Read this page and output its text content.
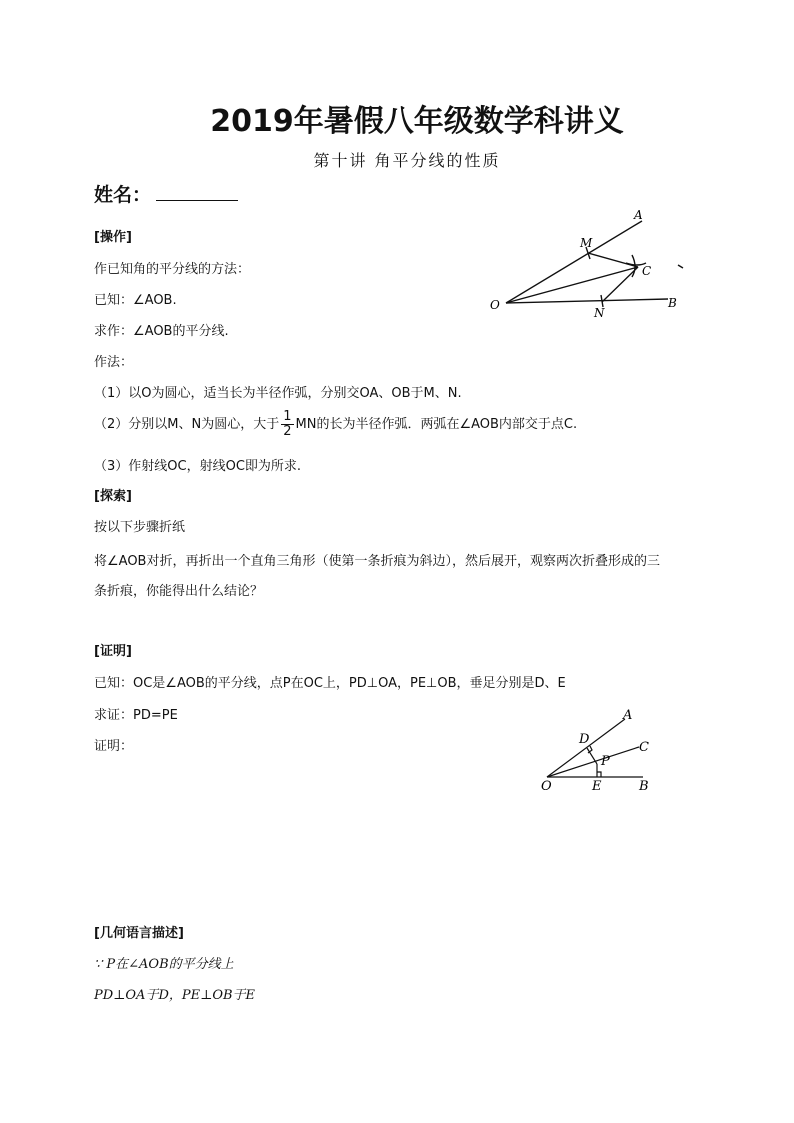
2019年暑假八年级数学科讲义
第十讲 角平分线的性质
姓名：
[操作]
作已知角的平分线的方法：
已知：∠AOB.
求作：∠AOB的平分线.
作法：
（1）以O为圆心，适当长为半径作弧，分别交OA、OB于M、N.
（2）分别以M、N为圆心，大于 $\frac{1}{2}$ MN的长为半径作弧．两弧在∠AOB内部交于点C.
（3）作射线OC，射线OC即为所求.
A
M
C
O
N
B
[探索]
按以下步骤折纸
将∠AOB对折，再折出一个直角三角形（使第一条折痕为斜边），然后展开，观察两次折叠形成的三
条折痕，你能得出什么结论？
[证明]
已知：OC是∠AOB的平分线，点P在OC上，PD⊥OA，PE⊥OB，垂足分别是D、E
求证：PD=PE
证明：
A
D
C
P
O	E	B
[几何语言描述]
∵ P在∠AOB的平分线上
PD⊥OA于D，PE⊥OB于E
